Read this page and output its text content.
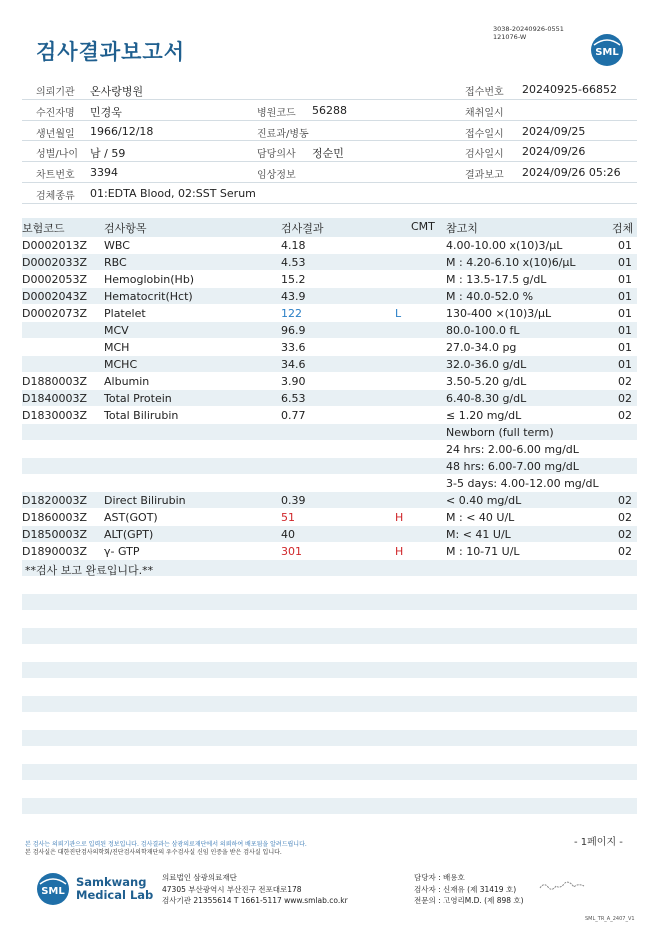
검사결과보고서
3038-20240926-0551
121076-W
SML
의뢰기관 온사랑병원	접수번호 20240925-66852
수진자명 민경욱	병원코드 56288	채취일시
생년월일 1966/12/18	진료과/병동	접수일시 2024/09/25
성별/나이 남 / 59	담당의사 정순민	검사일시 2024/09/26
차트번호 3394	임상정보	결과보고 2024/09/26 05:26
검체종류 01:EDTA Blood, 02:SST Serum
보험코드	검사항목	검사결과	CMT 참고치	검체
D0002013Z WBC	4.18	4.00-10.00 x(10)3/μL	01
D0002033Z RBC	4.53	M : 4.20-6.10 x(10)6/μL	01
D0002053Z Hemoglobin(Hb)	15.2	M : 13.5-17.5 g/dL	01
D0002043Z Hematocrit(Hct)	43.9	M : 40.0-52.0 %	01
D0002073Z Platelet	122	L	130-400 ×(10)3/μL	01
MCV	96.9	80.0-100.0 fL	01
MCH	33.6	27.0-34.0 pg	01
MCHC	34.6	32.0-36.0 g/dL	01
D1880003Z Albumin	3.90	3.50-5.20 g/dL	02
D1840003Z Total Protein	6.53	6.40-8.30 g/dL	02
D1830003Z Total Bilirubin	0.77	≤ 1.20 mg/dL	02
Newborn (full term)
24 hrs: 2.00-6.00 mg/dL
48 hrs: 6.00-7.00 mg/dL
3-5 days: 4.00-12.00 mg/dL
D1820003Z Direct Bilirubin	0.39	< 0.40 mg/dL	02
D1860003Z AST(GOT)	51	H	M : < 40 U/L	02
D1850003Z ALT(GPT)	40	M: < 41 U/L	02
D1890003Z γ- GTP	301	H	M : 10-71 U/L	02
**검사 보고 완료입니다.**
- 1페이지 -
본 검사는 의뢰기관으로 입력된 정보입니다. 검사결과는 삼광의료재단에서 의뢰하여 배포됨을 알려드립니다.
본 검사실은 대한진단검사의학회/진단검사의학재단의 우수검사실 신임 인증을 받은 검사실 입니다.
SML
Samkwang
Medical Lab
의료법인 삼광의료재단
47305 부산광역시 부산진구 전포대로178
검사기관 21355614 T 1661-5117 www.smlab.co.kr
담당자 : 배용호
검사자 : 신재유 (제 31419 호)
전문의 : 고영리M.D. (제 898 호)
SML_TR_A_2407_V1
